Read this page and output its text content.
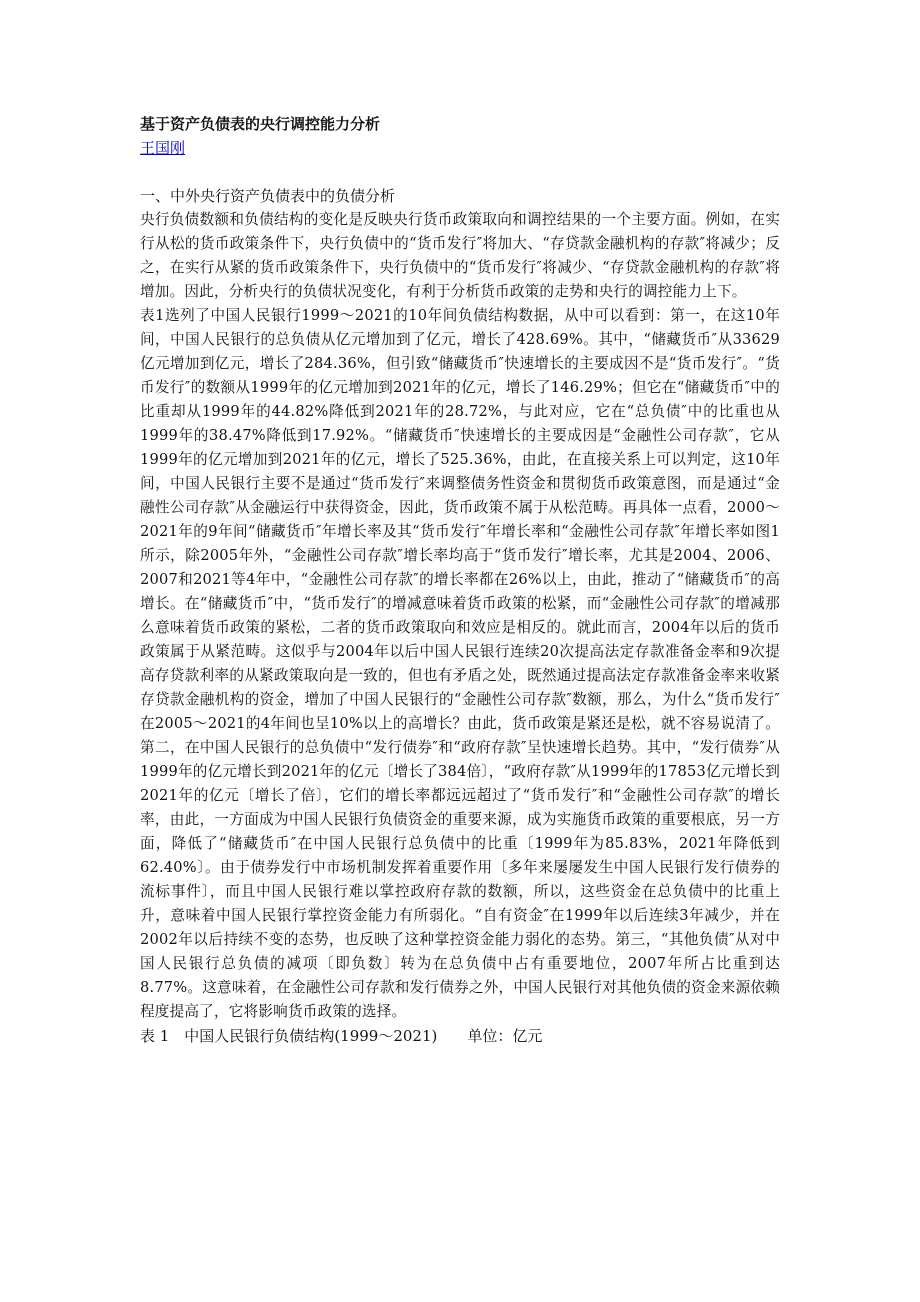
基于资产负债表的央行调控能力分析

王国刚

一、中外央行资产负债表中的负债分析

央行负债数额和负债结构的变化是反映央行货币政策取向和调控结果的一个主要方面。例如，在实行从松的货币政策条件下，央行负债中的“货币发行″将加大、“存贷款金融机构的存款″将减少；反之，在实行从紧的货币政策条件下，央行负债中的“货币发行″将减少、“存贷款金融机构的存款″将增加。因此，分析央行的负债状况变化，有利于分析货币政策的走势和央行的调控能力上下。

表1选列了中国人民银行1999～2021的10年间负债结构数据，从中可以看到：第一，在这10年间，中国人民银行的总负债从亿元增加到了亿元，增长了428.69%。其中，“储藏货币″从33629亿元增加到亿元，增长了284.36%，但引致“储藏货币″快速增长的主要成因不是“货币发行″。“货币发行″的数额从1999年的亿元增加到2021年的亿元，增长了146.29%；但它在“储藏货币″中的比重却从1999年的44.82%降低到2021年的28.72%，与此对应，它在“总负债″中的比重也从1999年的38.47%降低到17.92%。“储藏货币″快速增长的主要成因是“金融性公司存款″，它从1999年的亿元增加到2021年的亿元，增长了525.36%，由此，在直接关系上可以判定，这10年间，中国人民银行主要不是通过“货币发行″来调整债务性资金和贯彻货币政策意图，而是通过“金融性公司存款″从金融运行中获得资金，因此，货币政策不属于从松范畴。再具体一点看，2000～2021年的9年间“储藏货币″年增长率及其“货币发行″年增长率和“金融性公司存款″年增长率如图1所示，除2005年外，“金融性公司存款″增长率均高于“货币发行″增长率，尤其是2004、2006、2007和2021等4年中，“金融性公司存款″的增长率都在26%以上，由此，推动了“储藏货币″的高增长。在“储藏货币″中，“货币发行″的增减意味着货币政策的松紧，而“金融性公司存款″的增减那么意味着货币政策的紧松，二者的货币政策取向和效应是相反的。就此而言，2004年以后的货币政策属于从紧范畴。这似乎与2004年以后中国人民银行连续20次提高法定存款准备金率和9次提高存贷款利率的从紧政策取向是一致的，但也有矛盾之处，既然通过提高法定存款准备金率来收紧存贷款金融机构的资金，增加了中国人民银行的“金融性公司存款″数额，那么，为什么“货币发行″在2005～2021的4年间也呈10%以上的高增长？由此，货币政策是紧还是松，就不容易说清了。第二，在中国人民银行的总负债中“发行债券″和“政府存款″呈快速增长趋势。其中，“发行债券″从1999年的亿元增长到2021年的亿元〔增长了384倍〕，“政府存款″从1999年的17853亿元增长到2021年的亿元〔增长了倍〕，它们的增长率都远远超过了“货币发行″和“金融性公司存款″的增长率，由此，一方面成为中国人民银行负债资金的重要来源，成为实施货币政策的重要根底，另一方面，降低了“储藏货币″在中国人民银行总负债中的比重〔1999年为85.83%，2021年降低到62.40%〕。由于债券发行中市场机制发挥着重要作用〔多年来屡屡发生中国人民银行发行债券的流标事件〕，而且中国人民银行难以掌控政府存款的数额，所以，这些资金在总负债中的比重上升，意味着中国人民银行掌控资金能力有所弱化。“自有资金″在1999年以后连续3年减少，并在2002年以后持续不变的态势，也反映了这种掌控资金能力弱化的态势。第三，“其他负债″从对中国人民银行总负债的减项〔即负数〕转为在总负债中占有重要地位，2007年所占比重到达8.77%。这意味着，在金融性公司存款和发行债券之外，中国人民银行对其他负债的资金来源依赖程度提高了，它将影响货币政策的选择。

表 1　中国人民银行负债结构(1999～2021)　　单位：亿元
